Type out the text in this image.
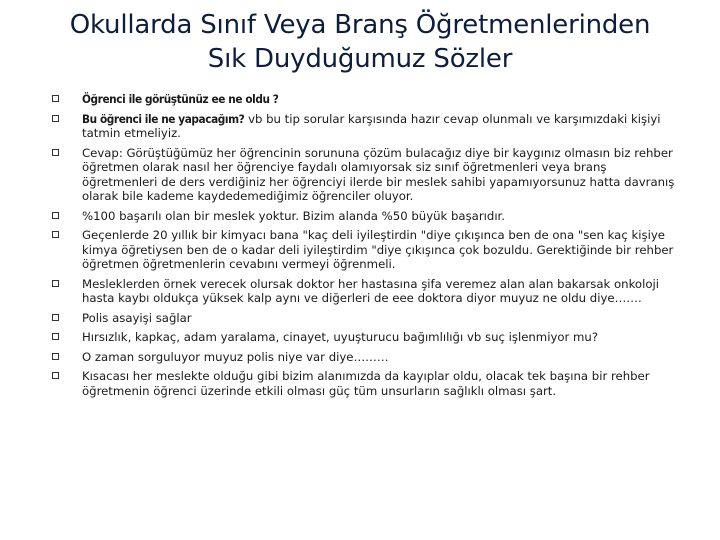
Okullarda Sınıf Veya Branş Öğretmenlerinden
Sık Duyduğumuz Sözler
Öğrenci ile görüştünüz ee ne oldu ?
Bu öğrenci ile ne yapacağım? vb bu tip sorular karşısında hazır cevap olunmalı ve karşımızdaki kişiyi tatmin etmeliyiz.
Cevap: Görüştüğümüz her öğrencinin sorununa çözüm bulacağız diye bir kaygınız olmasın biz rehber öğretmen olarak nasıl her öğrenciye faydalı olamıyorsak siz sınıf öğretmenleri veya branş öğretmenleri de ders verdiğiniz her öğrenciyi ilerde bir meslek sahibi yapamıyorsunuz hatta davranış olarak bile kademe kaydedemediğimiz öğrenciler oluyor.
%100 başarılı olan bir meslek yoktur. Bizim alanda %50 büyük başarıdır.
Geçenlerde 20 yıllık bir kimyacı bana "kaç deli iyileştirdin "diye çıkışınca ben de ona "sen kaç kişiye kimya öğretiysen ben de o kadar deli iyileştirdim "diye çıkışınca çok bozuldu. Gerektiğinde bir rehber öğretmen öğretmenlerin cevabını vermeyi öğrenmeli.
Mesleklerden örnek verecek olursak doktor her hastasına şifa veremez alan alan bakarsak onkoloji hasta kaybı oldukça yüksek kalp aynı ve diğerleri de eee doktora diyor muyuz ne oldu diye…….
Polis asayişi sağlar
Hırsızlık, kapkaç, adam yaralama, cinayet, uyuşturucu bağımlılığı vb suç işlenmiyor mu?
O zaman sorguluyor muyuz polis niye var diye………
Kısacası her meslekte olduğu gibi bizim alanımızda da kayıplar oldu, olacak tek başına bir rehber öğretmenin öğrenci üzerinde etkili olması güç tüm unsurların sağlıklı olması şart.
